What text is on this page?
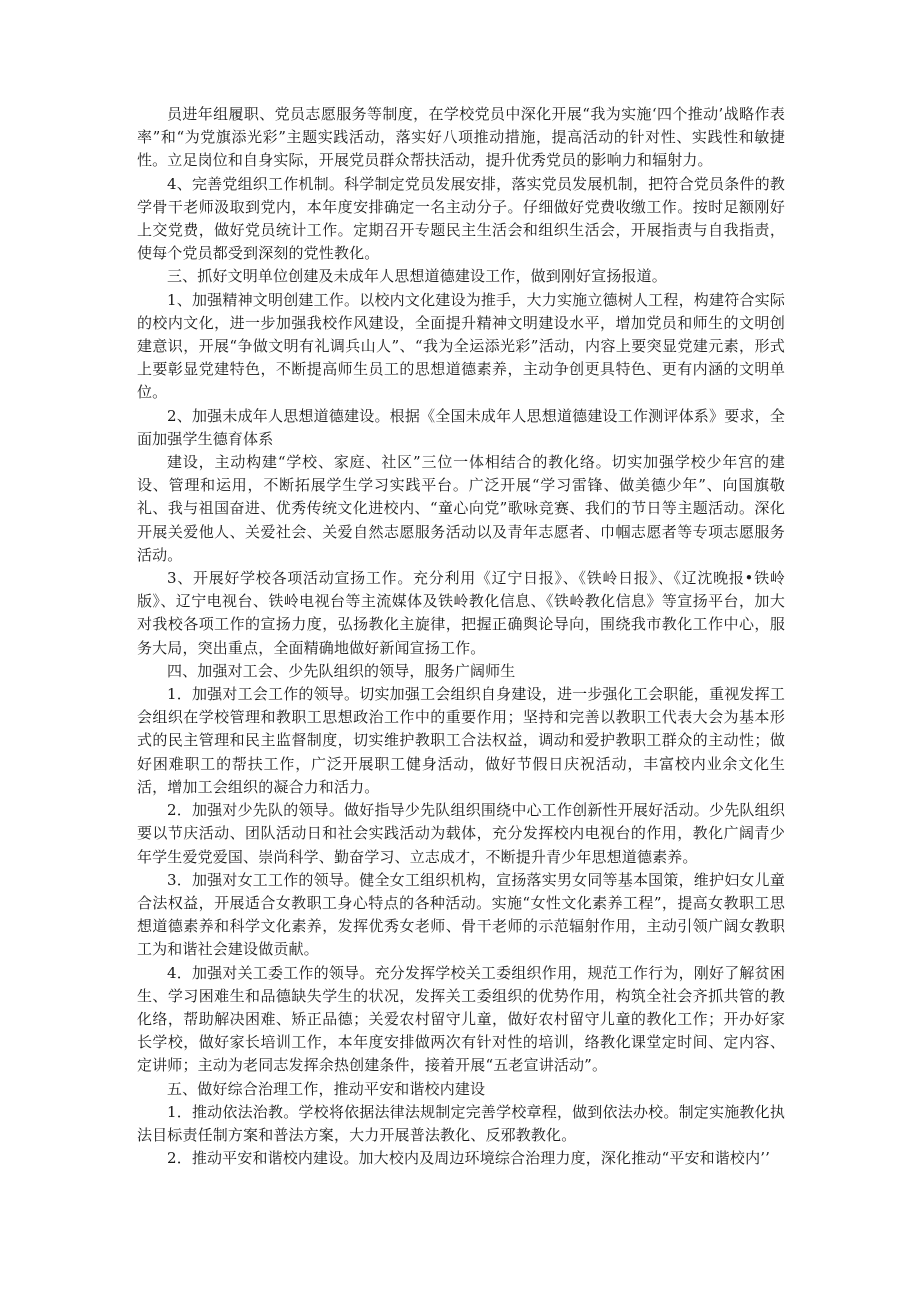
员进年组履职、党员志愿服务等制度，在学校党员中深化开展“我为实施‘四个推动’战略作表率”和“为党旗添光彩”主题实践活动，落实好八项推动措施，提高活动的针对性、实践性和敏捷性。立足岗位和自身实际，开展党员群众帮扶活动，提升优秀党员的影响力和辐射力。

4、完善党组织工作机制。科学制定党员发展安排，落实党员发展机制，把符合党员条件的教学骨干老师汲取到党内，本年度安排确定一名主动分子。仔细做好党费收缴工作。按时足额刚好上交党费，做好党员统计工作。定期召开专题民主生活会和组织生活会，开展指责与自我指责，使每个党员都受到深刻的党性教化。

三、抓好文明单位创建及未成年人思想道德建设工作，做到刚好宣扬报道。

1、加强精神文明创建工作。以校内文化建设为推手，大力实施立德树人工程，构建符合实际的校内文化，进一步加强我校作风建设，全面提升精神文明建设水平，增加党员和师生的文明创建意识，开展“争做文明有礼调兵山人”、“我为全运添光彩”活动，内容上要突显党建元素，形式上要彰显党建特色，不断提高师生员工的思想道德素养，主动争创更具特色、更有内涵的文明单位。

2、加强未成年人思想道德建设。根据《全国未成年人思想道德建设工作测评体系》要求，全面加强学生德育体系

建设，主动构建“学校、家庭、社区”三位一体相结合的教化络。切实加强学校少年宫的建设、管理和运用，不断拓展学生学习实践平台。广泛开展“学习雷锋、做美德少年”、向国旗敬礼、我与祖国奋进、优秀传统文化进校内、“童心向党”歌咏竞赛、我们的节日等主题活动。深化开展关爱他人、关爱社会、关爱自然志愿服务活动以及青年志愿者、巾帼志愿者等专项志愿服务活动。

3、开展好学校各项活动宣扬工作。充分利用《辽宁日报》、《铁岭日报》、《辽沈晚报•铁岭版》、辽宁电视台、铁岭电视台等主流媒体及铁岭教化信息、《铁岭教化信息》等宣扬平台，加大对我校各项工作的宣扬力度，弘扬教化主旋律，把握正确舆论导向，围绕我市教化工作中心，服务大局，突出重点，全面精确地做好新闻宣扬工作。

四、加强对工会、少先队组织的领导，服务广阔师生

1．加强对工会工作的领导。切实加强工会组织自身建设，进一步强化工会职能，重视发挥工会组织在学校管理和教职工思想政治工作中的重要作用；坚持和完善以教职工代表大会为基本形式的民主管理和民主监督制度，切实维护教职工合法权益，调动和爱护教职工群众的主动性；做好困难职工的帮扶工作，广泛开展职工健身活动，做好节假日庆祝活动，丰富校内业余文化生活，增加工会组织的凝合力和活力。

2．加强对少先队的领导。做好指导少先队组织围绕中心工作创新性开展好活动。少先队组织要以节庆活动、团队活动日和社会实践活动为载体，充分发挥校内电视台的作用，教化广阔青少年学生爱党爱国、崇尚科学、勤奋学习、立志成才，不断提升青少年思想道德素养。

3．加强对女工工作的领导。健全女工组织机构，宣扬落实男女同等基本国策，维护妇女儿童合法权益，开展适合女教职工身心特点的各种活动。实施“女性文化素养工程”，提高女教职工思想道德素养和科学文化素养，发挥优秀女老师、骨干老师的示范辐射作用，主动引领广阔女教职工为和谐社会建设做贡献。

4．加强对关工委工作的领导。充分发挥学校关工委组织作用，规范工作行为，刚好了解贫困生、学习困难生和品德缺失学生的状况，发挥关工委组织的优势作用，构筑全社会齐抓共管的教化络，帮助解决困难、矫正品德；关爱农村留守儿童，做好农村留守儿童的教化工作；开办好家长学校，做好家长培训工作，本年度安排做两次有针对性的培训，络教化课堂定时间、定内容、定讲师；主动为老同志发挥余热创建条件，接着开展“五老宣讲活动”。

五、做好综合治理工作，推动平安和谐校内建设

1．推动依法治教。学校将依据法律法规制定完善学校章程，做到依法办校。制定实施教化执法目标责任制方案和普法方案，大力开展普法教化、反邪教教化。

2．推动平安和谐校内建设。加大校内及周边环境综合治理力度，深化推动“平安和谐校内’’
